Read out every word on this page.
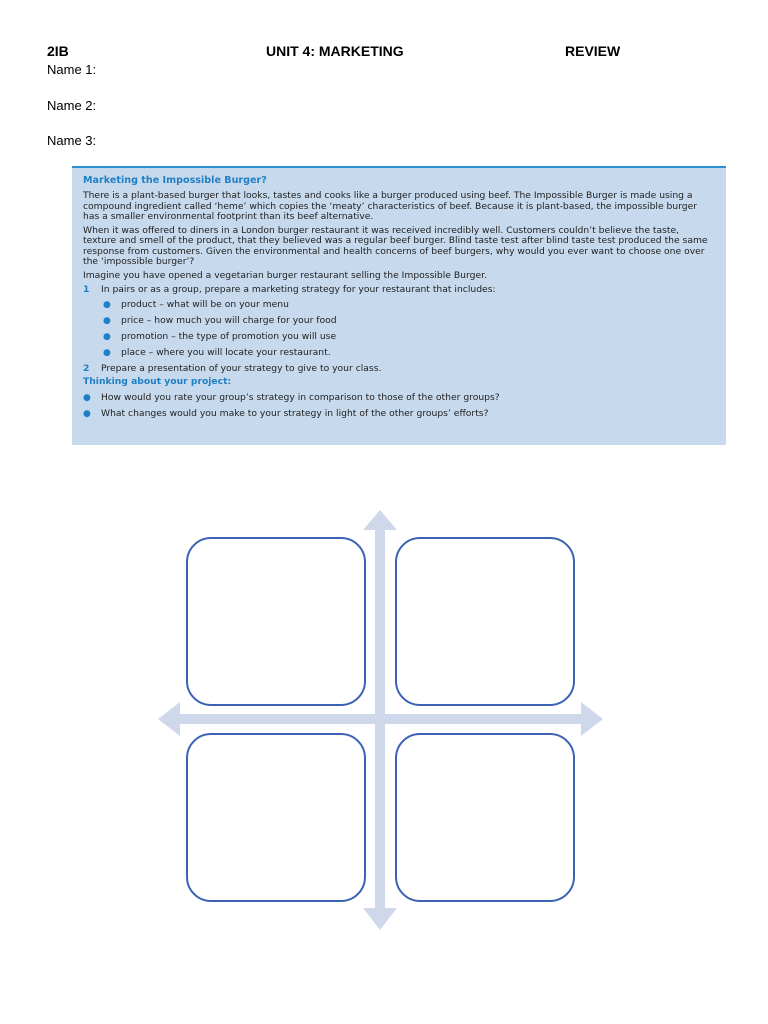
2IB	UNIT 4: MARKETING	REVIEW
Name 1:
Name 2:
Name 3:
Marketing the Impossible Burger?

There is a plant-based burger that looks, tastes and cooks like a burger produced using beef. The Impossible Burger is made using a compound ingredient called ‘heme’ which copies the ‘meaty’ characteristics of beef. Because it is plant-based, the impossible burger has a smaller environmental footprint than its beef alternative.

When it was offered to diners in a London burger restaurant it was received incredibly well. Customers couldn’t believe the taste, texture and smell of the product, that they believed was a regular beef burger. Blind taste test after blind taste test produced the same response from customers. Given the environmental and health concerns of beef burgers, why would you ever want to choose one over the ‘impossible burger’?

Imagine you have opened a vegetarian burger restaurant selling the Impossible Burger.

1	In pairs or as a group, prepare a marketing strategy for your restaurant that includes:
●	product – what will be on your menu
●	price – how much you will charge for your food
●	promotion – the type of promotion you will use
●	place – where you will locate your restaurant.
2	Prepare a presentation of your strategy to give to your class.
Thinking about your project:
●	How would you rate your group’s strategy in comparison to those of the other groups?
●	What changes would you make to your strategy in light of the other groups’ efforts?
